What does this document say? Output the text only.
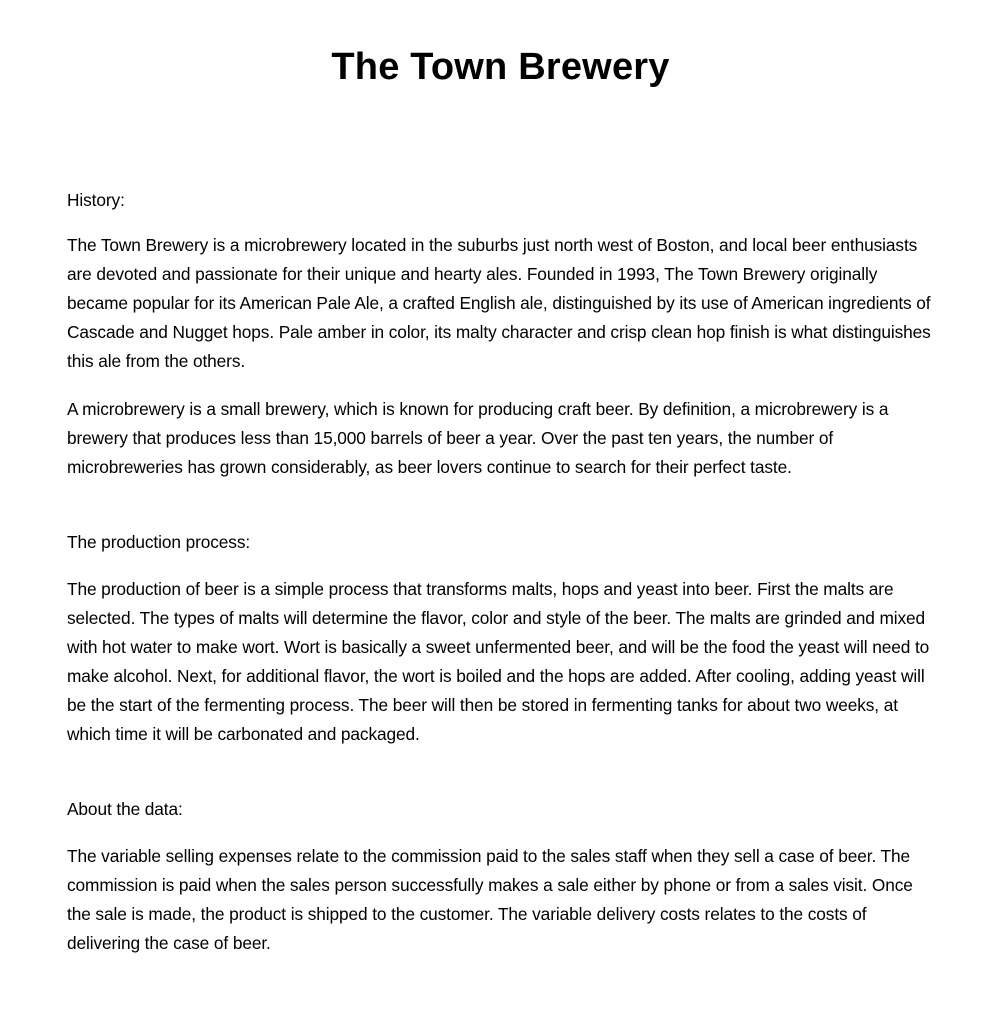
The Town Brewery

History:

The Town Brewery is a microbrewery located in the suburbs just north west of Boston, and local beer enthusiasts are devoted and passionate for their unique and hearty ales. Founded in 1993, The Town Brewery originally became popular for its American Pale Ale, a crafted English ale, distinguished by its use of American ingredients of Cascade and Nugget hops. Pale amber in color, its malty character and crisp clean hop finish is what distinguishes this ale from the others.

A microbrewery is a small brewery, which is known for producing craft beer. By definition, a microbrewery is a brewery that produces less than 15,000 barrels of beer a year. Over the past ten years, the number of microbreweries has grown considerably, as beer lovers continue to search for their perfect taste.

The production process:

The production of beer is a simple process that transforms malts, hops and yeast into beer. First the malts are selected. The types of malts will determine the flavor, color and style of the beer. The malts are grinded and mixed with hot water to make wort. Wort is basically a sweet unfermented beer, and will be the food the yeast will need to make alcohol. Next, for additional flavor, the wort is boiled and the hops are added. After cooling, adding yeast will be the start of the fermenting process. The beer will then be stored in fermenting tanks for about two weeks, at which time it will be carbonated and packaged.

About the data:

The variable selling expenses relate to the commission paid to the sales staff when they sell a case of beer. The commission is paid when the sales person successfully makes a sale either by phone or from a sales visit. Once the sale is made, the product is shipped to the customer. The variable delivery costs relates to the costs of delivering the case of beer.
